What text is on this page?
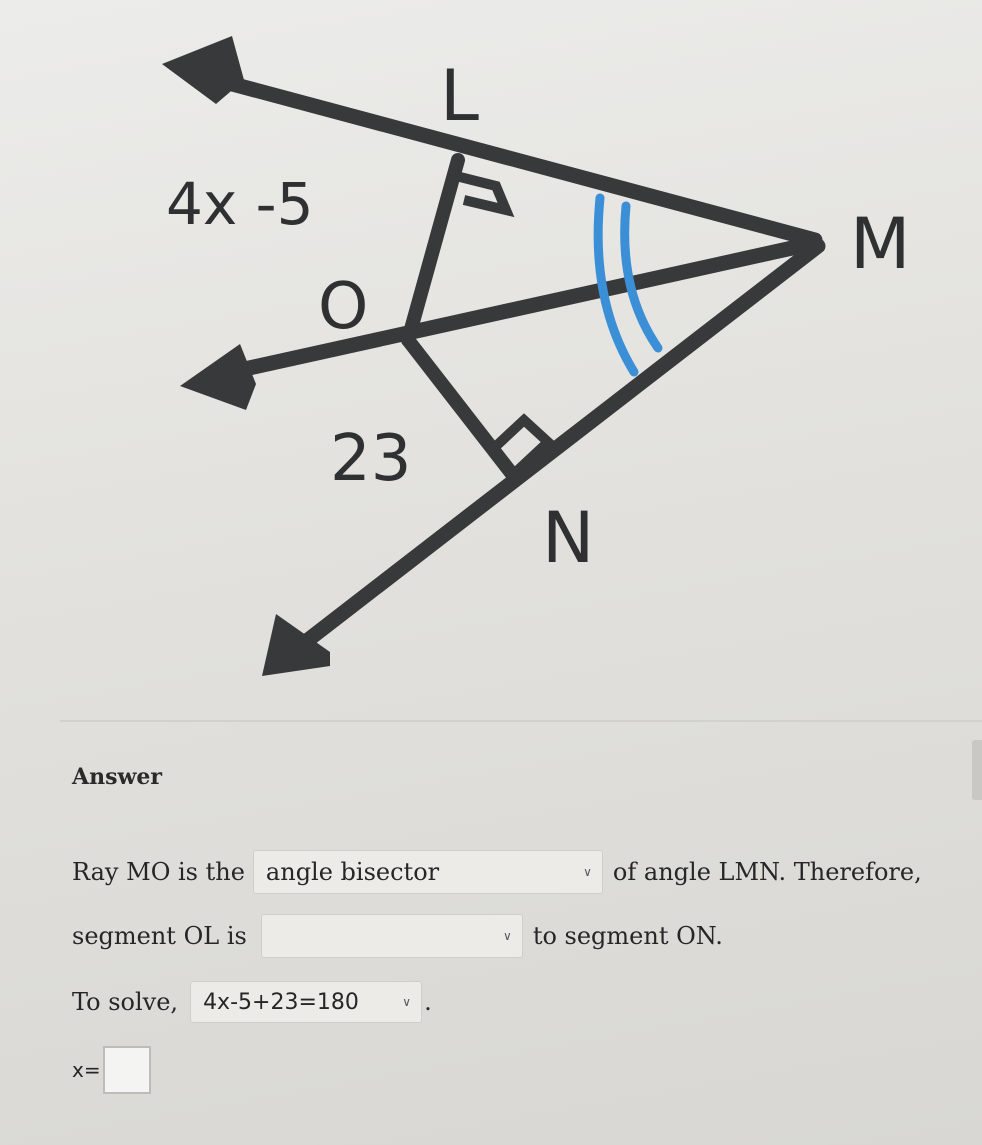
L
M
N
O
4x -5
23
Answer
Ray MO is the angle bisector	∨ of angle LMN. Therefore,
segment OL is	∨ to segment ON.
To solve, 4x-5+23=180	∨ .
x=
